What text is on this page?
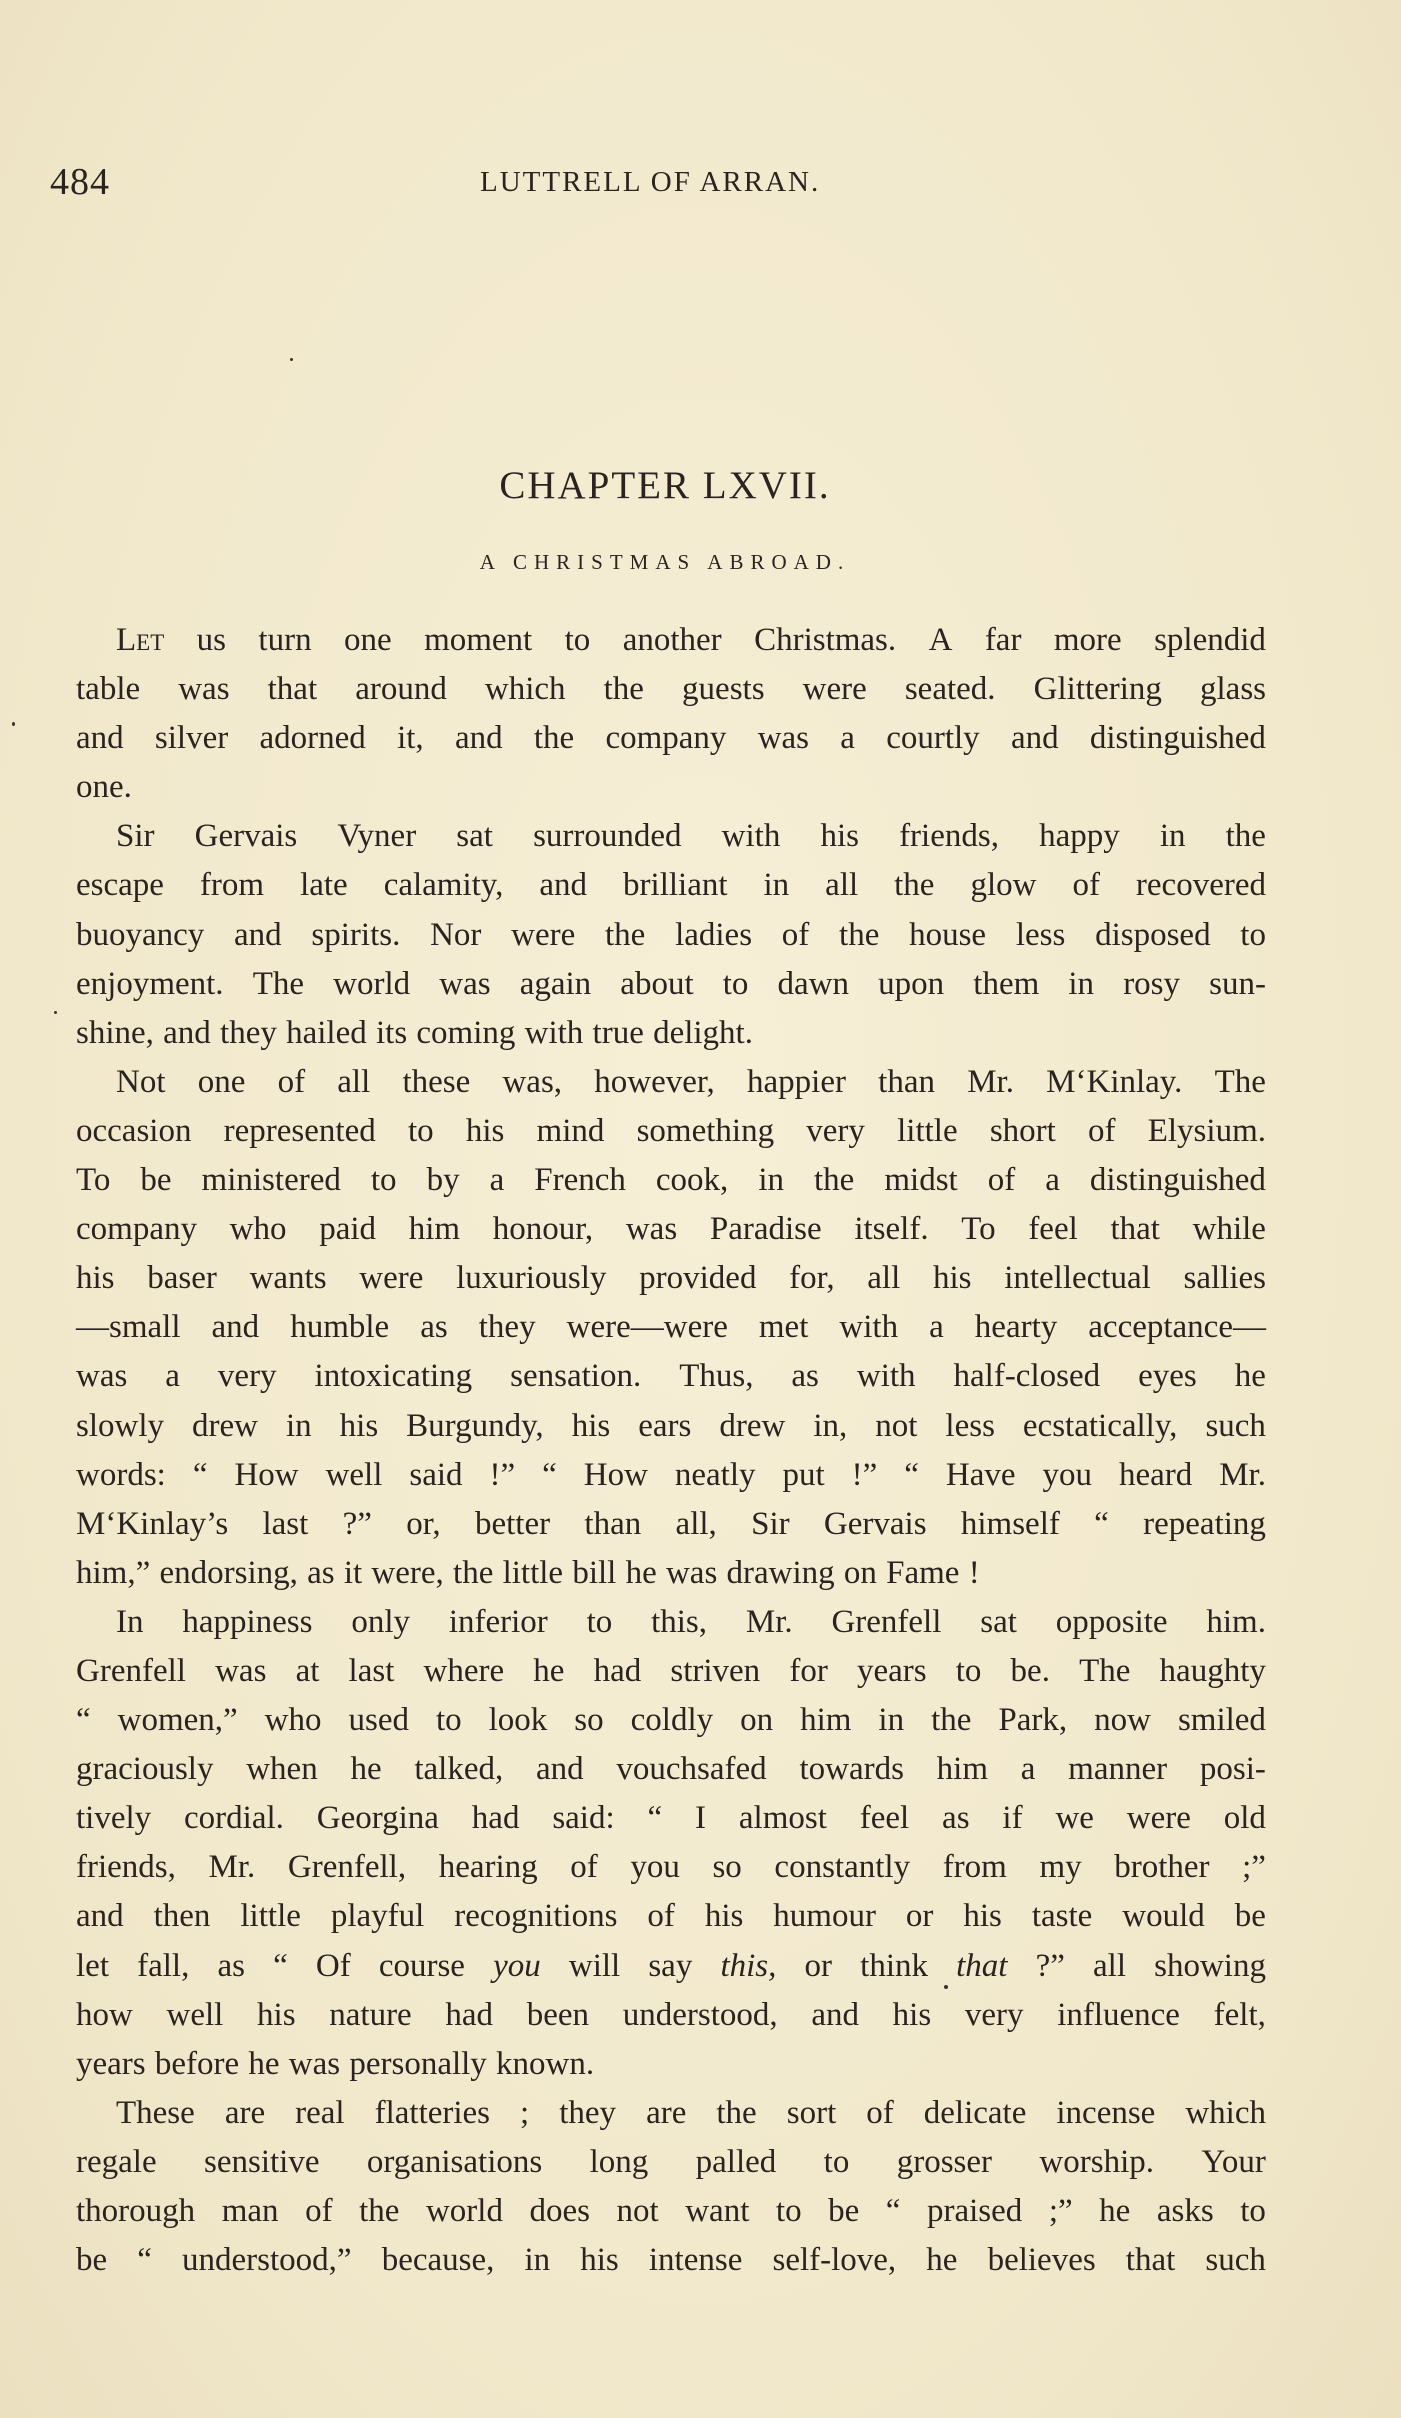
484	LUTTRELL OF ARRAN.
CHAPTER LXVII.
A CHRISTMAS ABROAD.
Let us turn one moment to another Christmas. A far more splendid
table was that around which the guests were seated. Glittering glass
and silver adorned it, and the company was a courtly and distinguished
one.
Sir Gervais Vyner sat surrounded with his friends, happy in the
escape from late calamity, and brilliant in all the glow of recovered
buoyancy and spirits. Nor were the ladies of the house less disposed to
enjoyment. The world was again about to dawn upon them in rosy sun-
shine, and they hailed its coming with true delight.
Not one of all these was, however, happier than Mr. M‘Kinlay. The
occasion represented to his mind something very little short of Elysium.
To be ministered to by a French cook, in the midst of a distinguished
company who paid him honour, was Paradise itself. To feel that while
his baser wants were luxuriously provided for, all his intellectual sallies
—small and humble as they were—were met with a hearty acceptance—
was a very intoxicating sensation. Thus, as with half-closed eyes he
slowly drew in his Burgundy, his ears drew in, not less ecstatically, such
words: “ How well said !” “ How neatly put !” “ Have you heard Mr.
M‘Kinlay’s last ?” or, better than all, Sir Gervais himself “ repeating
him,” endorsing, as it were, the little bill he was drawing on Fame !
In happiness only inferior to this, Mr. Grenfell sat opposite him.
Grenfell was at last where he had striven for years to be. The haughty
“ women,” who used to look so coldly on him in the Park, now smiled
graciously when he talked, and vouchsafed towards him a manner posi-
tively cordial. Georgina had said: “ I almost feel as if we were old
friends, Mr. Grenfell, hearing of you so constantly from my brother ;”
and then little playful recognitions of his humour or his taste would be
let fall, as “ Of course you will say this, or think that ?” all showing
how well his nature had been understood, and his very influence felt,
years before he was personally known.
These are real flatteries ; they are the sort of delicate incense which
regale sensitive organisations long palled to grosser worship. Your
thorough man of the world does not want to be “ praised ;” he asks to
be “ understood,” because, in his intense self-love, he believes that such
